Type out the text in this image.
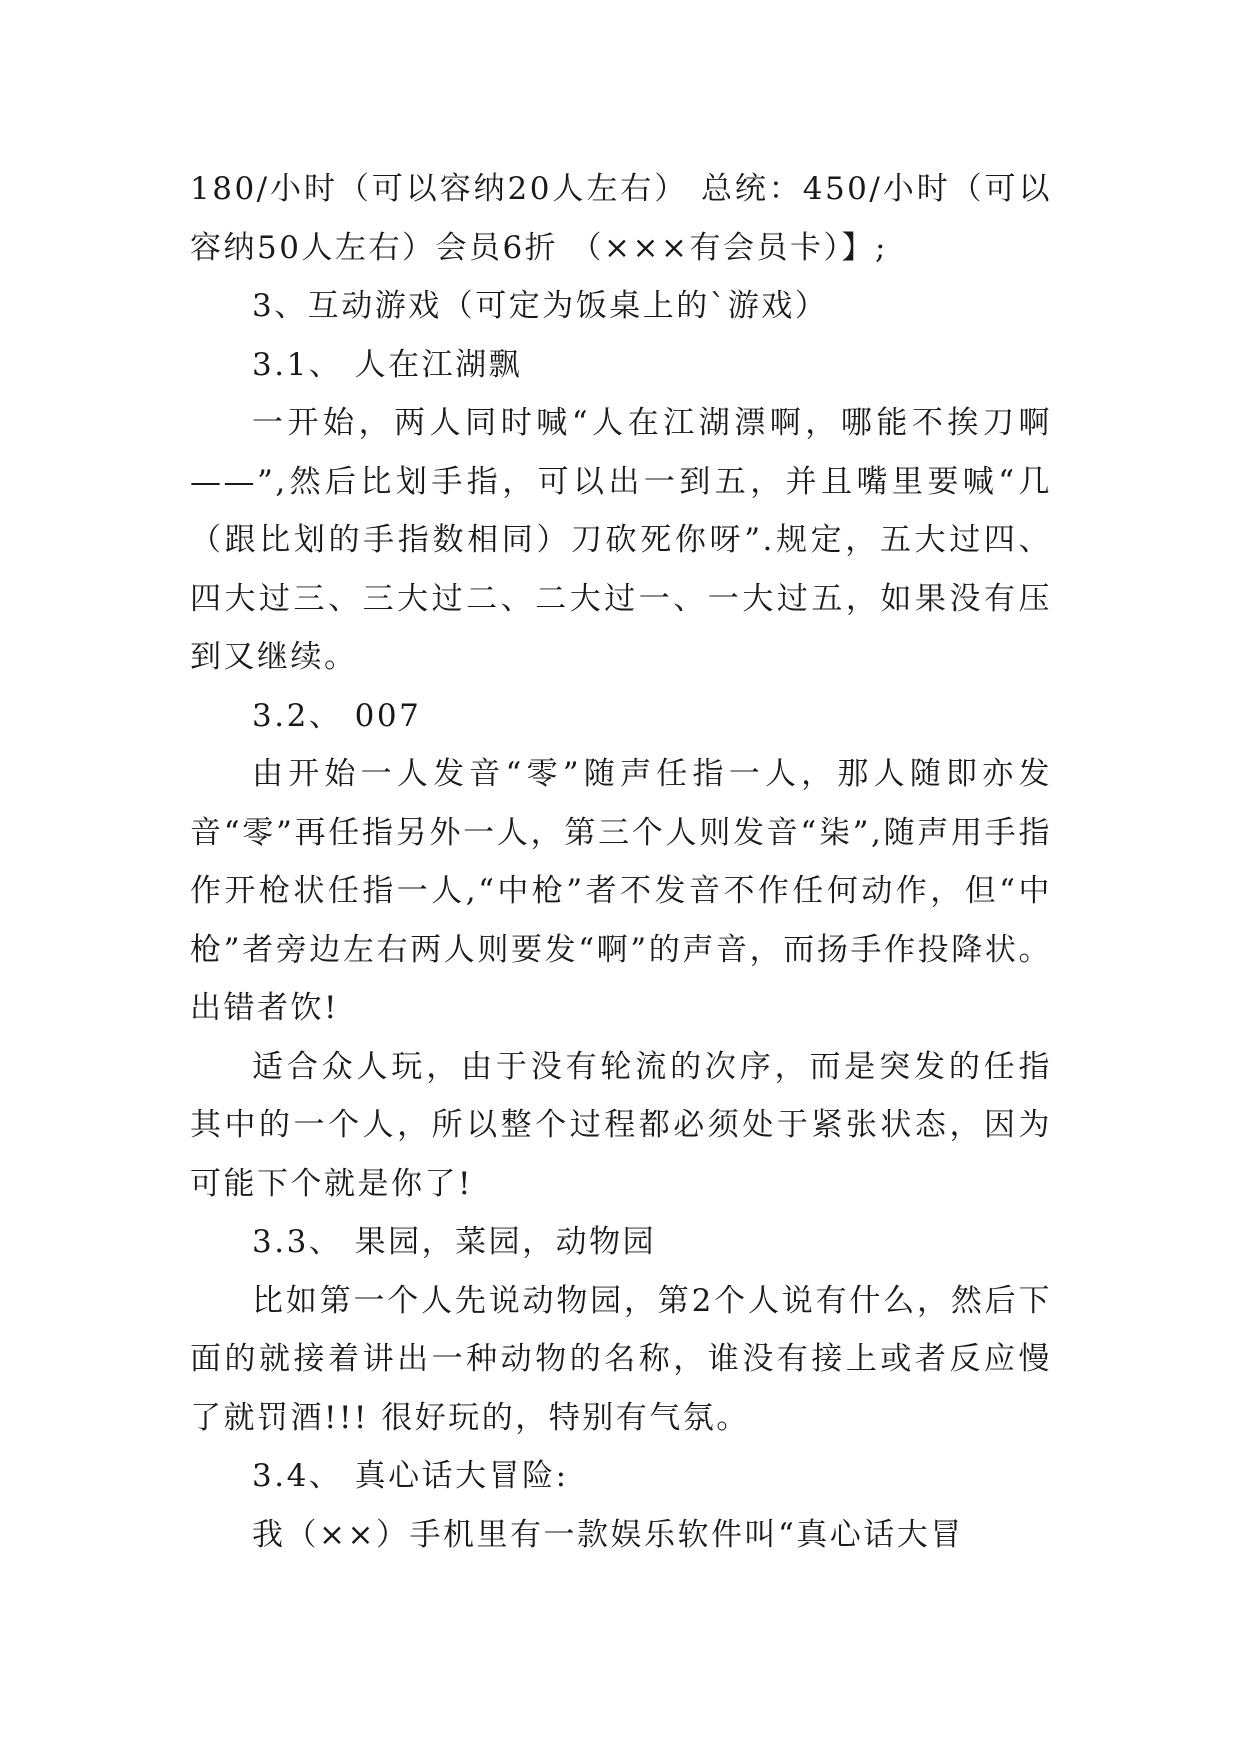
180/小时（可以容纳20人左右） 总统：450/小时（可以容纳50人左右）会员6折 （×××有会员卡）】;

3、互动游戏（可定为饭桌上的`游戏）

3.1、 人在江湖飘

一开始，两人同时喊“人在江湖漂啊，哪能不挨刀啊——”,然后比划手指，可以出一到五，并且嘴里要喊“几（跟比划的手指数相同）刀砍死你呀”.规定，五大过四、四大过三、三大过二、二大过一、一大过五，如果没有压到又继续。

3.2、 007

由开始一人发音“零”随声任指一人，那人随即亦发音“零”再任指另外一人，第三个人则发音“柒”,随声用手指作开枪状任指一人,“中枪”者不发音不作任何动作，但“中枪”者旁边左右两人则要发“啊”的声音，而扬手作投降状。出错者饮!

适合众人玩，由于没有轮流的次序，而是突发的任指其中的一个人，所以整个过程都必须处于紧张状态，因为可能下个就是你了!

3.3、 果园，菜园，动物园

比如第一个人先说动物园，第2个人说有什么，然后下面的就接着讲出一种动物的名称，谁没有接上或者反应慢了就罚酒!!! 很好玩的，特别有气氛。

3.4、 真心话大冒险:

我（××）手机里有一款娱乐软件叫“真心话大冒
